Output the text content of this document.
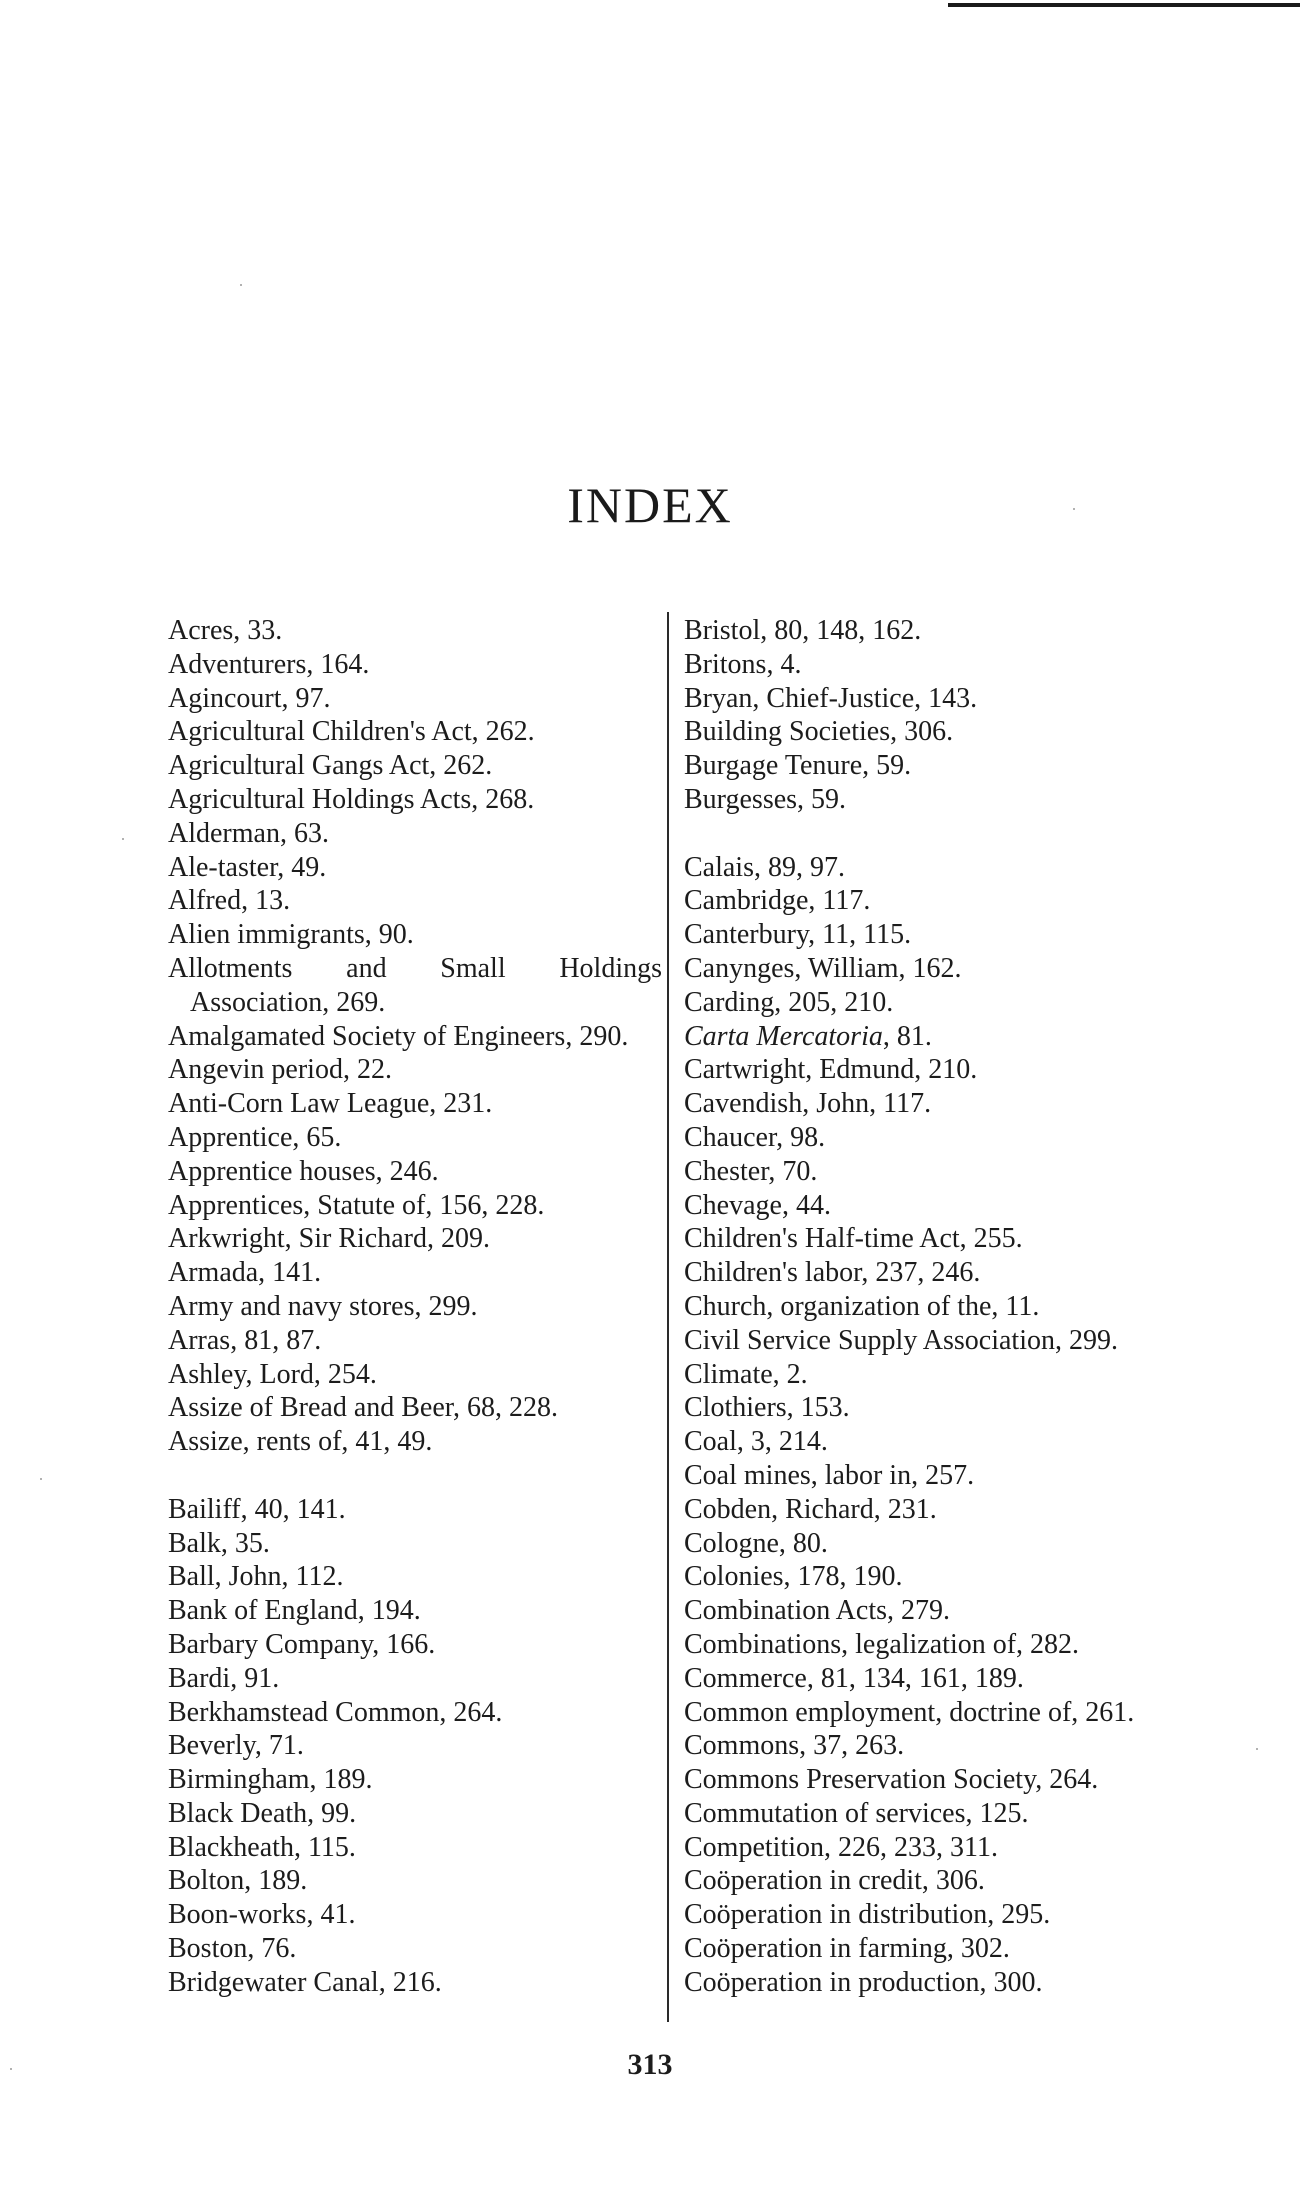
INDEX
Acres, 33.
Adventurers, 164.
Agincourt, 97.
Agricultural Children's Act, 262.
Agricultural Gangs Act, 262.
Agricultural Holdings Acts, 268.
Alderman, 63.
Ale-taster, 49.
Alfred, 13.
Alien immigrants, 90.
Allotments and Small Holdings Association, 269.
Amalgamated Society of Engineers, 290.
Angevin period, 22.
Anti-Corn Law League, 231.
Apprentice, 65.
Apprentice houses, 246.
Apprentices, Statute of, 156, 228.
Arkwright, Sir Richard, 209.
Armada, 141.
Army and navy stores, 299.
Arras, 81, 87.
Ashley, Lord, 254.
Assize of Bread and Beer, 68, 228.
Assize, rents of, 41, 49.
Bailiff, 40, 141.
Balk, 35.
Ball, John, 112.
Bank of England, 194.
Barbary Company, 166.
Bardi, 91.
Berkhamstead Common, 264.
Beverly, 71.
Birmingham, 189.
Black Death, 99.
Blackheath, 115.
Bolton, 189.
Boon-works, 41.
Boston, 76.
Bridgewater Canal, 216.
Bristol, 80, 148, 162.
Britons, 4.
Bryan, Chief-Justice, 143.
Building Societies, 306.
Burgage Tenure, 59.
Burgesses, 59.
Calais, 89, 97.
Cambridge, 117.
Canterbury, 11, 115.
Canynges, William, 162.
Carding, 205, 210.
Carta Mercatoria, 81.
Cartwright, Edmund, 210.
Cavendish, John, 117.
Chaucer, 98.
Chester, 70.
Chevage, 44.
Children's Half-time Act, 255.
Children's labor, 237, 246.
Church, organization of the, 11.
Civil Service Supply Association, 299.
Climate, 2.
Clothiers, 153.
Coal, 3, 214.
Coal mines, labor in, 257.
Cobden, Richard, 231.
Cologne, 80.
Colonies, 178, 190.
Combination Acts, 279.
Combinations, legalization of, 282.
Commerce, 81, 134, 161, 189.
Common employment, doctrine of, 261.
Commons, 37, 263.
Commons Preservation Society, 264.
Commutation of services, 125.
Competition, 226, 233, 311.
Coöperation in credit, 306.
Coöperation in distribution, 295.
Coöperation in farming, 302.
Coöperation in production, 300.
313
